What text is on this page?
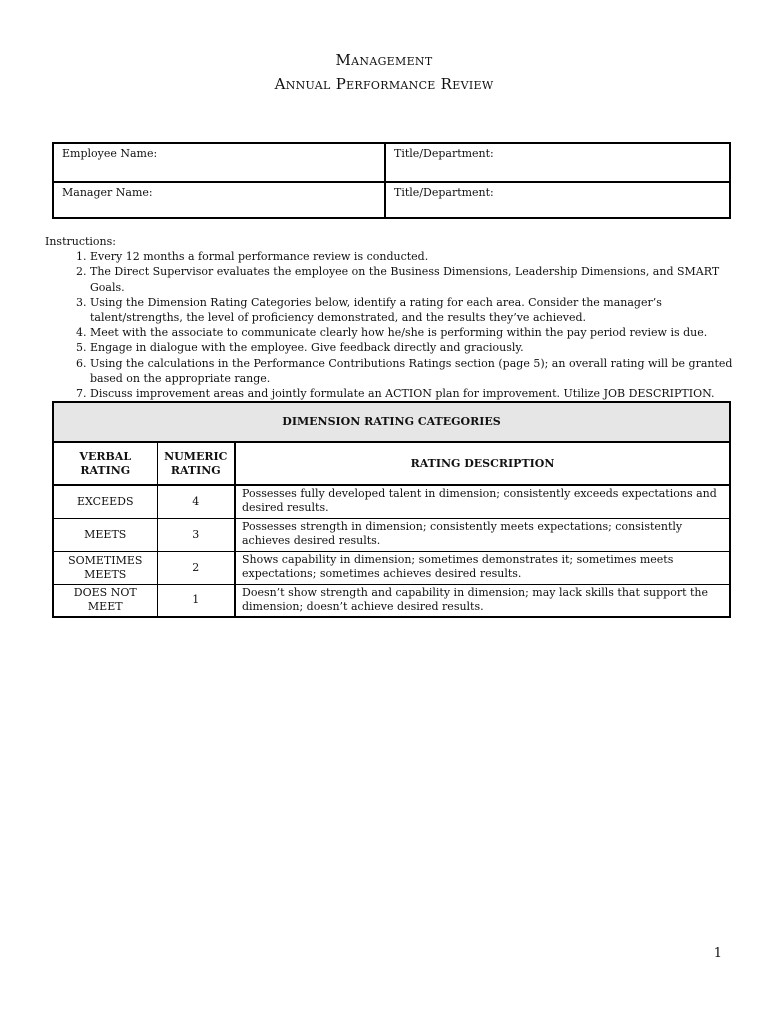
Management
Annual Performance Review
Employee Name:	Title/Department:
Manager Name:	Title/Department:
Instructions:
1. Every 12 months a formal performance review is conducted.
2. The Direct Supervisor evaluates the employee on the Business Dimensions, Leadership Dimensions, and SMART Goals.
3. Using the Dimension Rating Categories below, identify a rating for each area. Consider the manager’s talent/strengths, the level of proficiency demonstrated, and the results they’ve achieved.
4. Meet with the associate to communicate clearly how he/she is performing within the pay period review is due.
5. Engage in dialogue with the employee. Give feedback directly and graciously.
6. Using the calculations in the Performance Contributions Ratings section (page 5); an overall rating will be granted based on the appropriate range.
7. Discuss improvement areas and jointly formulate an ACTION plan for improvement. Utilize JOB DESCRIPTION.
DIMENSION RATING CATEGORIES		
VERBAL RATING	NUMERIC RATING	RATING DESCRIPTION
EXCEEDS	4	Possesses fully developed talent in dimension; consistently exceeds expectations and desired results.
MEETS	3	Possesses strength in dimension; consistently meets expectations; consistently achieves desired results.
SOMETIMES MEETS	2	Shows capability in dimension; sometimes demonstrates it; sometimes meets expectations; sometimes achieves desired results.
DOES NOT MEET	1	Doesn’t show strength and capability in dimension; may lack skills that support the dimension; doesn’t achieve desired results.
1
